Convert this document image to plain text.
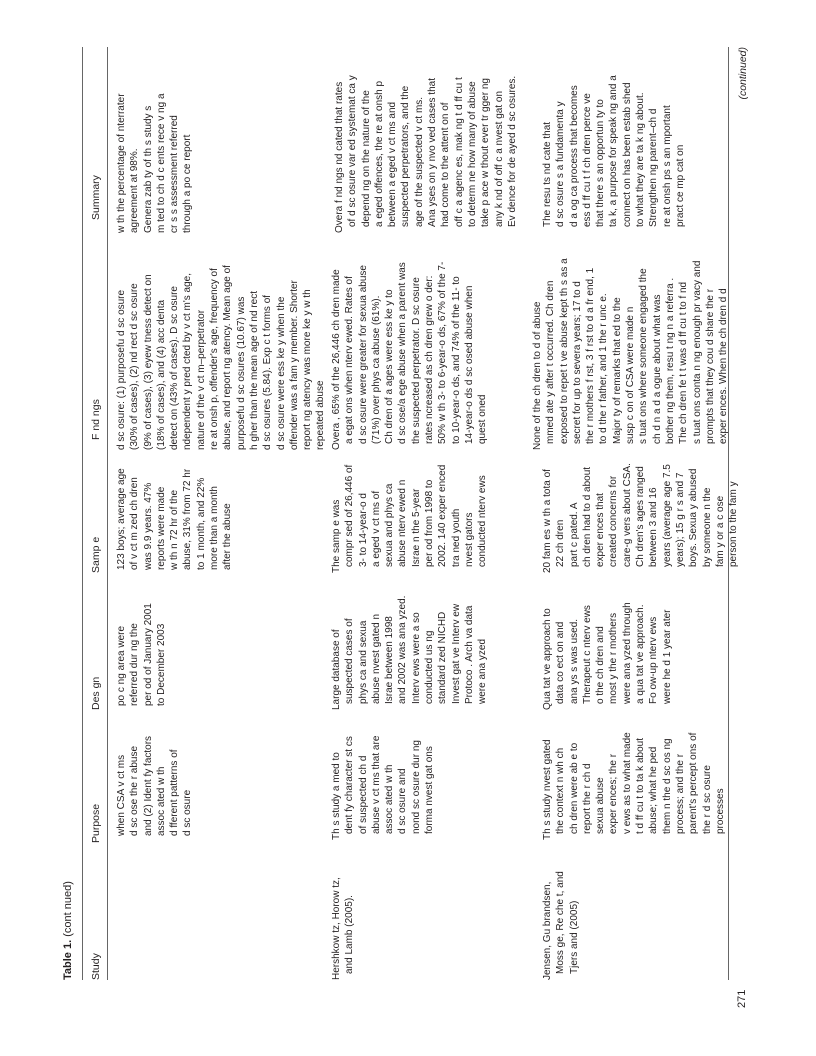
Table 1. (cont nued)
Study
Purpose
Des gn
Samp e
F nd ngs
Summary
when CSA v ct ms d sc ose the r abuse and (2) Ident fy factors assoc ated w th d fferent patterns of d sc osure
po c ng area were referred dur ng the per od of January 2001 to December 2003
123 boys; average age of v ct m zed ch dren was 9.9 years. 47% reports were made w th n 72 hr of the abuse, 31% from 72 hr to 1 month, and 22% more than a month after the abuse
d sc osure: (1) purposefu d sc osure (30% of cases), (2) nd rect d sc osure (9% of cases), (3) eyew tness detect on (18% of cases), and (4) acc denta detect on (43% of cases). D sc osure ndependent y pred cted by v ct m's age, nature of the v ct m–perpetrator re at onsh p, offender's age, frequency of abuse, and report ng atency. Mean age of purposefu d sc osures (10.67) was h gher than the mean age of nd rect d sc osures (5.84). Exp c t forms of d sc osure were ess ke y when the offender was a fam y member. Shorter report ng atency was more ke y w th repeated abuse
w th the percentage of nterrater agreement at 98%. Genera zab ty of th s study s m ted to ch d c ents rece v ng a cr s s assessment referred through a po ce report
Hershkow tz, Horow tz, and Lamb (2005).
Th s study a med to dent fy character st cs of suspected ch d abuse v ct ms that are assoc ated w th d sc osure and nond sc osure dur ng forma nvest gat ons
Large database of suspected cases of phys ca and sexua abuse nvest gated n Israe between 1998 and 2002 was ana yzed. Interv ews were a so conducted us ng standard zed NICHD Invest gat ve Interv ew Protoco . Arch va data were ana yzed
The samp e was compr sed of 26,446 of 3- to 14-year-o d a eged v ct ms of sexua and phys ca abuse nterv ewed n Israe n the 5-year per od from 1998 to 2002. 140 exper enced tra ned youth nvest gators conducted nterv ews
Overa , 65% of the 26,446 ch dren made a egat ons when nterv ewed. Rates of d sc osure were greater for sexua abuse (71%) over phys ca abuse (61%). Ch dren of a ages were ess ke y to d sc ose/a ege abuse when a parent was the suspected perpetrator. D sc osure rates ncreased as ch dren grew o der: 50% w th 3- to 6-year-o ds, 67% of the 7- to 10-year-o ds, and 74% of the 11- to 14-year-o ds d sc osed abuse when quest oned
Overa f nd ngs nd cated that rates of d sc osure var ed systemat ca y depend ng on the nature of the a eged offences, the re at onsh p between a eged v ct ms and suspected perpetrators, and the age of the suspected v ct ms. Ana yses on y nvo ved cases that had come to the attent on of off c a agenc es, mak ng t d ff cu t to determ ne how many of abuse take p ace w thout ever tr gger ng any k nd of off c a nvest gat on Ev dence for de ayed d sc osures.
Jensen, Gu brandsen, Moss ge, Re che t, and Tjers and (2005)
Th s study nvest gated the context n wh ch ch dren were ab e to report the r ch d sexua abuse exper ences; the r v ews as to what made t d ff cu t to ta k about abuse; what he ped them n the d sc os ng process; and the r parent's percept ons of the r d sc osure processes
Qua tat ve approach to data co ect on and ana ys s was used. Therapeut c nterv ews o the ch dren and most y the r mothers were ana yzed through a qua tat ve approach. Fo ow-up nterv ews were he d 1 year ater
20 fam es w th a tota of 22 ch dren part c pated. A ch dren had to d about exper ences that created concerns for care-g vers about CSA. Ch dren's ages ranged between 3 and 16 years (average age 7.5 years); 15 g r s and 7 boys. Sexua y abused by someone n the fam y or a c ose person to the fam y
None of the ch dren to d of abuse mmed ate y after t occurred. Ch dren exposed to repet t ve abuse kept th s as a secret for up to severa years; 17 to d the r mothers f rst, 3 f rst to d a fr end, 1 to d the r father, and 1 the r unc e. Major ty of remarks that ed to the susp c on of CSA were made n s tuat ons where someone engaged the ch d n a d a ogue about what was bother ng them, resu t ng n a referra . The ch dren fe t t was d ff cu t to f nd s tuat ons conta n ng enough pr vacy and prompts that they cou d share the r exper ences. When the ch dren d d
The resu ts nd cate that d sc osure s a fundamenta y d a og ca process that becomes ess d ff cu t f ch dren perce ve that there s an opportun ty to ta k, a purpose for speak ng and a connect on has been estab shed to what they are ta k ng about. Strengthen ng parent–ch d re at onsh ps s an mportant pract ce mp cat on
271
(continued)
